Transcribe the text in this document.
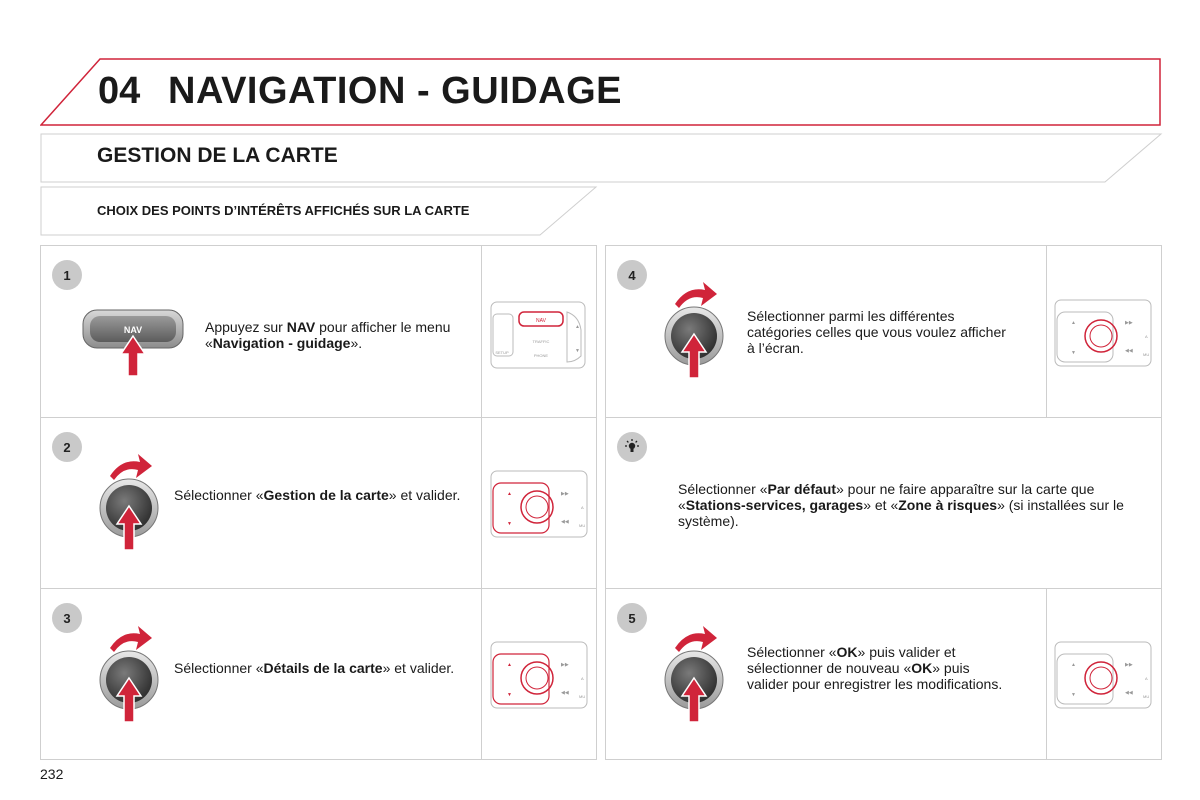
04 NAVIGATION - GUIDAGE
GESTION DE LA CARTE
CHOIX DES POINTS D’INTÉRÊTS AFFICHÉS SUR LA CARTE
1
NAV	Appuyez sur NAV pour afficher le menu «Navigation - guidage».
NAV
TRAFFIC
PHONE
SETUP
▲
▼
2
Sélectionner «Gestion de la carte» et valider.	▲
▼
▶▶
◀◀
A
MU
3
Sélectionner «Détails de la carte» et valider.	▲
▼
▶▶
◀◀
A
MU
4
Sélectionner parmi les différentes catégories celles que vous voulez afficher à l’écran.
▲
▼
▶▶
◀◀
A
MU
Sélectionner «Par défaut» pour ne faire apparaître sur la carte que «Stations-services, garages» et «Zone à risques» (si installées sur le système).
5
Sélectionner «OK» puis valider et sélectionner de nouveau «OK» puis valider pour enregistrer les modifications.
▲
▼
▶▶
◀◀
A
MU
232
